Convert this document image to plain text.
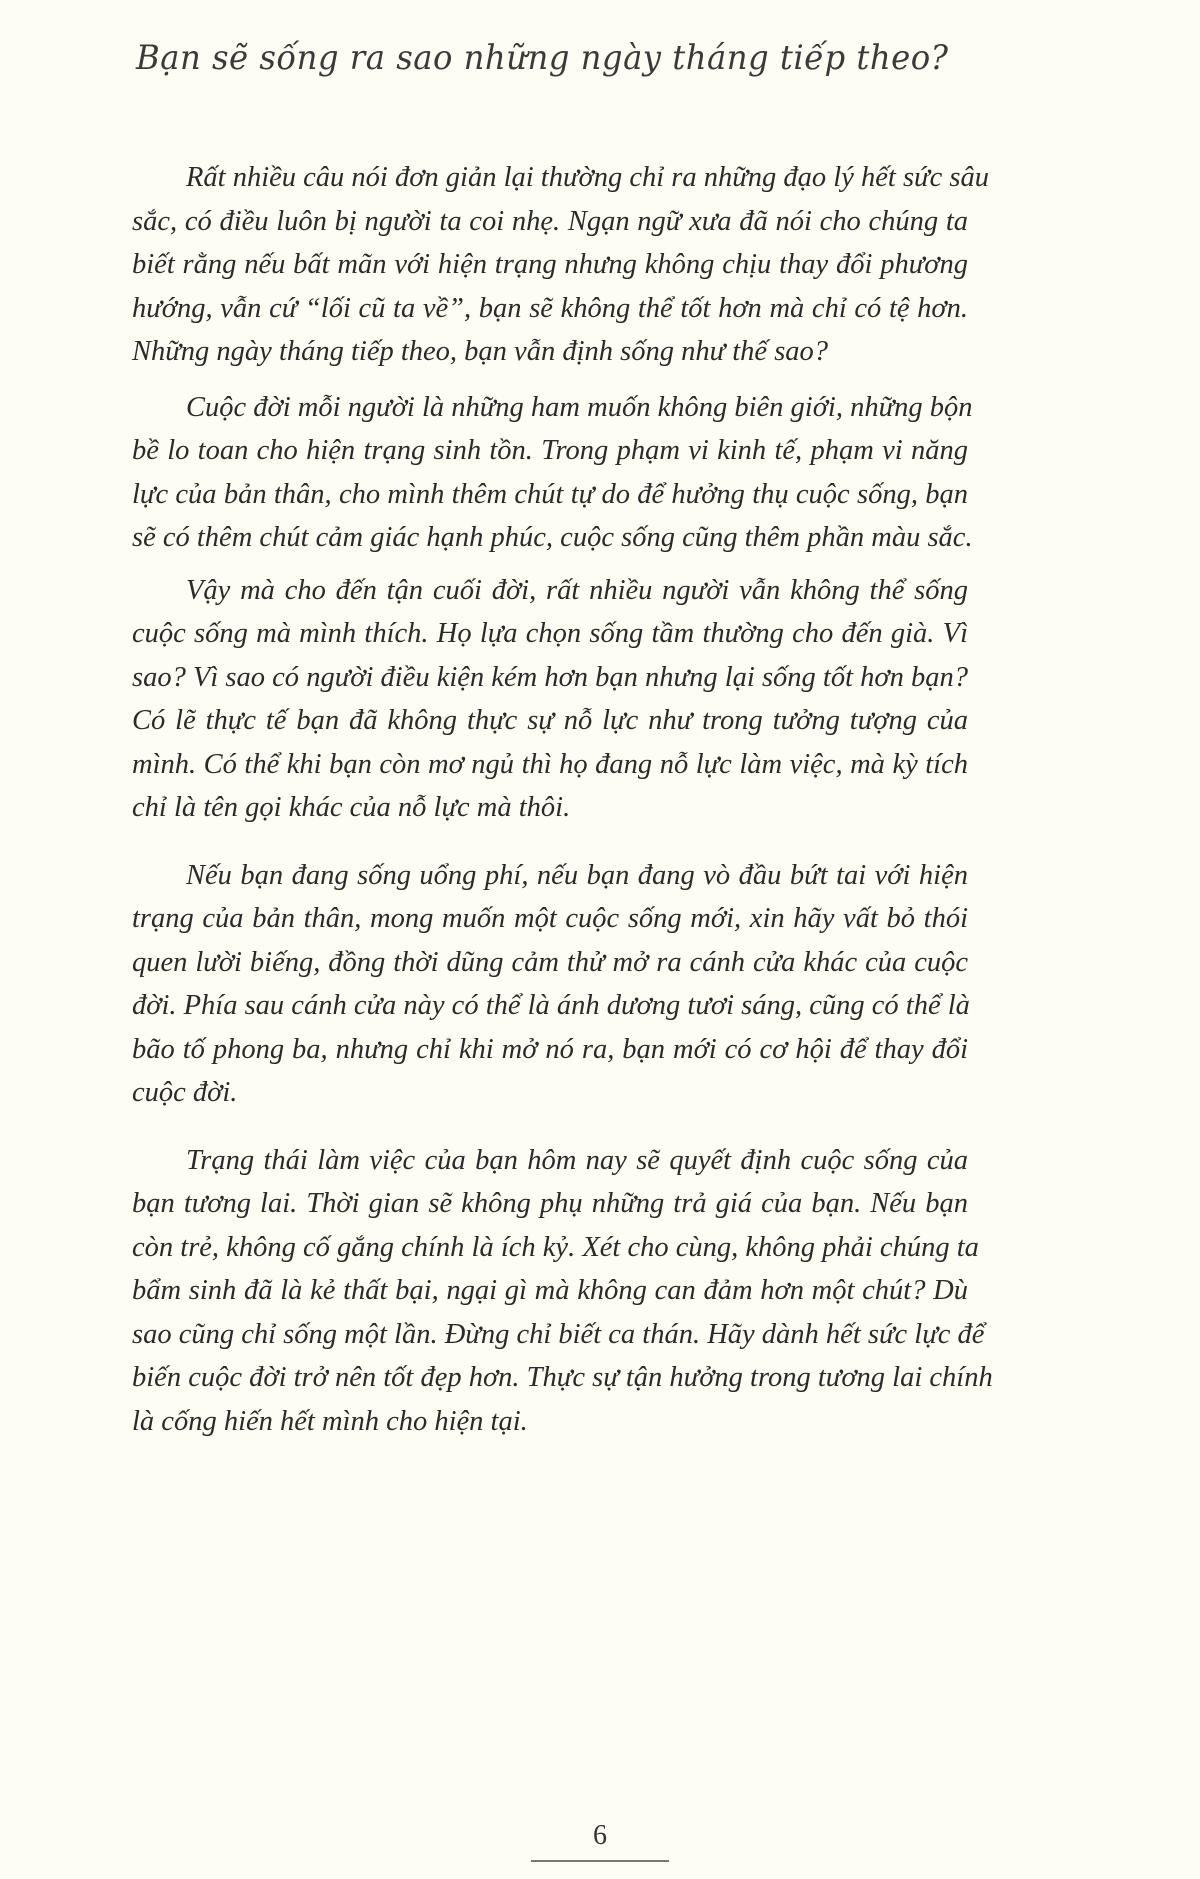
Bạn sẽ sống ra sao những ngày tháng tiếp theo?
Rất nhiều câu nói đơn giản lại thường chỉ ra những đạo lý hết sức sâu
sắc, có điều luôn bị người ta coi nhẹ. Ngạn ngữ xưa đã nói cho chúng ta
biết rằng nếu bất mãn với hiện trạng nhưng không chịu thay đổi phương
hướng, vẫn cứ “lối cũ ta về”, bạn sẽ không thể tốt hơn mà chỉ có tệ hơn.
Những ngày tháng tiếp theo, bạn vẫn định sống như thế sao?
Cuộc đời mỗi người là những ham muốn không biên giới, những bộn
bề lo toan cho hiện trạng sinh tồn. Trong phạm vi kinh tế, phạm vi năng
lực của bản thân, cho mình thêm chút tự do để hưởng thụ cuộc sống, bạn
sẽ có thêm chút cảm giác hạnh phúc, cuộc sống cũng thêm phần màu sắc.
Vậy mà cho đến tận cuối đời, rất nhiều người vẫn không thể sống
cuộc sống mà mình thích. Họ lựa chọn sống tầm thường cho đến già. Vì
sao? Vì sao có người điều kiện kém hơn bạn nhưng lại sống tốt hơn bạn?
Có lẽ thực tế bạn đã không thực sự nỗ lực như trong tưởng tượng của
mình. Có thể khi bạn còn mơ ngủ thì họ đang nỗ lực làm việc, mà kỳ tích
chỉ là tên gọi khác của nỗ lực mà thôi.
Nếu bạn đang sống uổng phí, nếu bạn đang vò đầu bứt tai với hiện
trạng của bản thân, mong muốn một cuộc sống mới, xin hãy vất bỏ thói
quen lười biếng, đồng thời dũng cảm thử mở ra cánh cửa khác của cuộc
đời. Phía sau cánh cửa này có thể là ánh dương tươi sáng, cũng có thể là
bão tố phong ba, nhưng chỉ khi mở nó ra, bạn mới có cơ hội để thay đổi
cuộc đời.
Trạng thái làm việc của bạn hôm nay sẽ quyết định cuộc sống của
bạn tương lai. Thời gian sẽ không phụ những trả giá của bạn. Nếu bạn
còn trẻ, không cố gắng chính là ích kỷ. Xét cho cùng, không phải chúng ta
bẩm sinh đã là kẻ thất bại, ngại gì mà không can đảm hơn một chút? Dù
sao cũng chỉ sống một lần. Đừng chỉ biết ca thán. Hãy dành hết sức lực để
biến cuộc đời trở nên tốt đẹp hơn. Thực sự tận hưởng trong tương lai chính
là cống hiến hết mình cho hiện tại.
6
